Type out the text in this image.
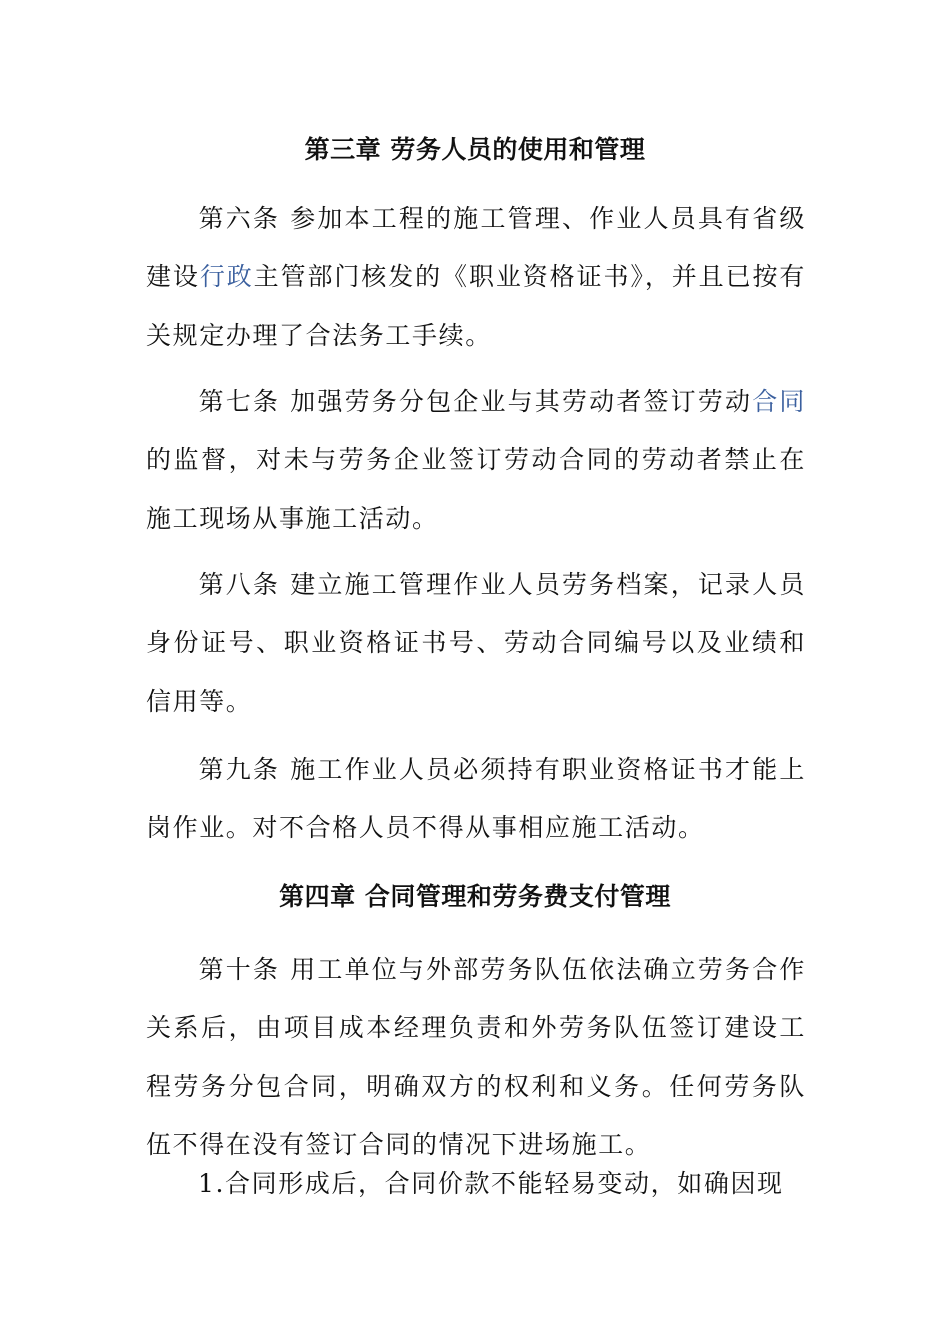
第三章 劳务人员的使用和管理
第六条 参加本工程的施工管理、作业人员具有省级建设行政主管部门核发的《职业资格证书》，并且已按有关规定办理了合法务工手续。
第七条 加强劳务分包企业与其劳动者签订劳动合同的监督，对未与劳务企业签订劳动合同的劳动者禁止在施工现场从事施工活动。
第八条 建立施工管理作业人员劳务档案，记录人员身份证号、职业资格证书号、劳动合同编号以及业绩和信用等。
第九条 施工作业人员必须持有职业资格证书才能上岗作业。对不合格人员不得从事相应施工活动。
第四章 合同管理和劳务费支付管理
第十条 用工单位与外部劳务队伍依法确立劳务合作关系后，由项目成本经理负责和外劳务队伍签订建设工程劳务分包合同，明确双方的权利和义务。任何劳务队伍不得在没有签订合同的情况下进场施工。
1.合同形成后，合同价款不能轻易变动，如确因现
